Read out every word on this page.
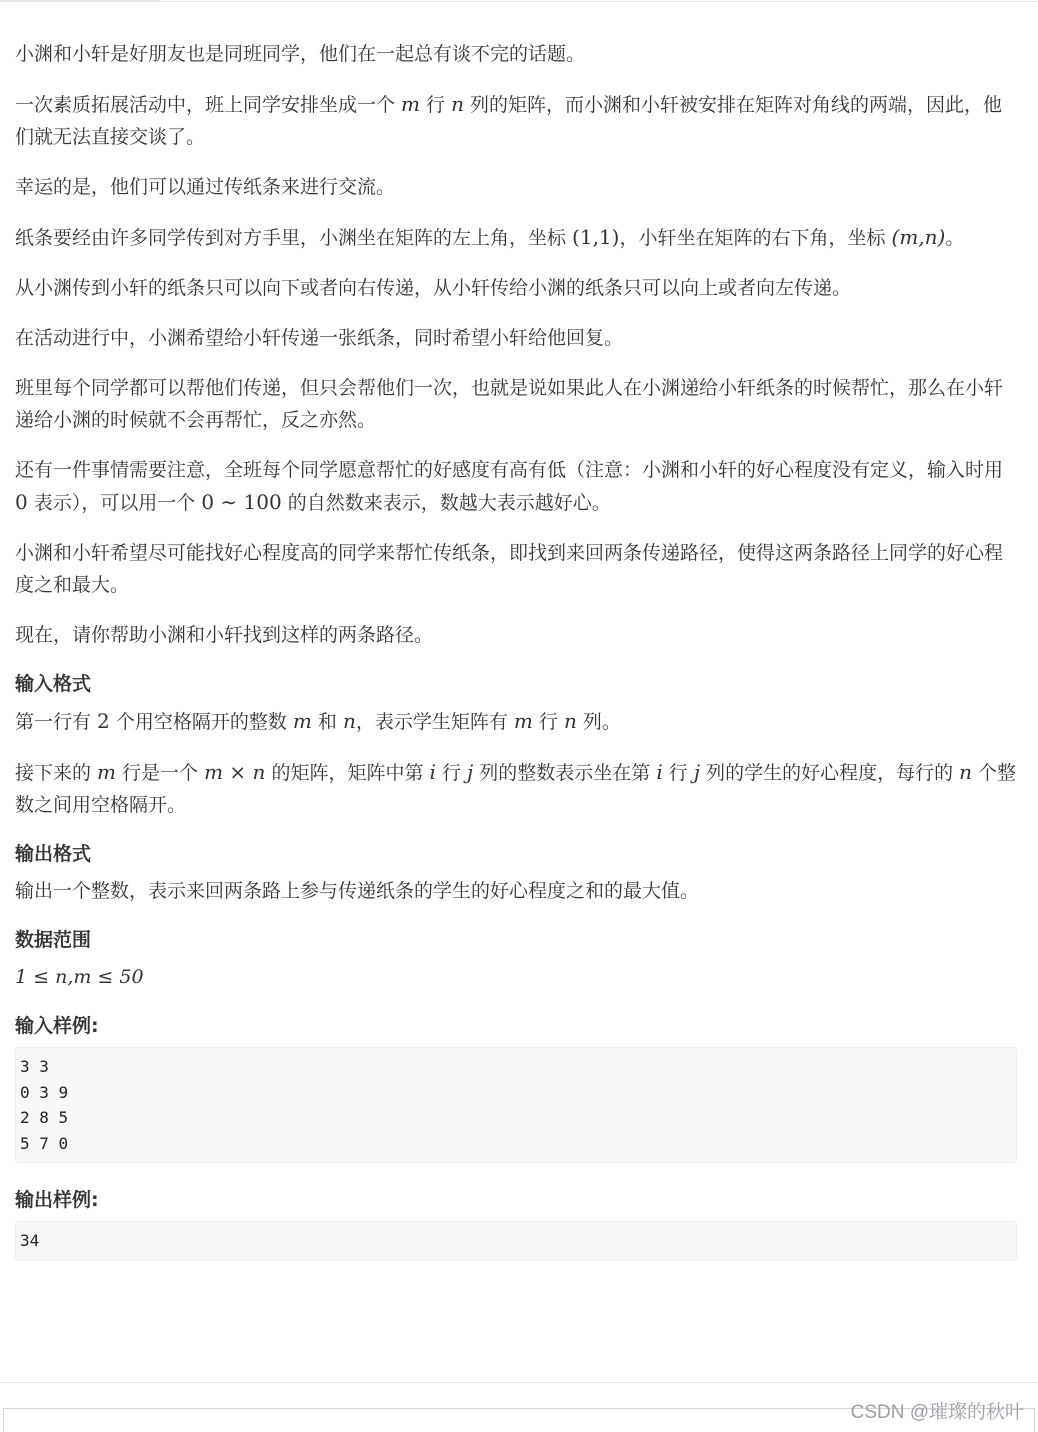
小渊和小轩是好朋友也是同班同学，他们在一起总有谈不完的话题。

一次素质拓展活动中，班上同学安排坐成一个 m 行 n 列的矩阵，而小渊和小轩被安排在矩阵对角线的两端，因此，他们就无法直接交谈了。

幸运的是，他们可以通过传纸条来进行交流。

纸条要经由许多同学传到对方手里，小渊坐在矩阵的左上角，坐标 (1,1)，小轩坐在矩阵的右下角，坐标 (m,n)。

从小渊传到小轩的纸条只可以向下或者向右传递，从小轩传给小渊的纸条只可以向上或者向左传递。

在活动进行中，小渊希望给小轩传递一张纸条，同时希望小轩给他回复。

班里每个同学都可以帮他们传递，但只会帮他们一次，也就是说如果此人在小渊递给小轩纸条的时候帮忙，那么在小轩递给小渊的时候就不会再帮忙，反之亦然。

还有一件事情需要注意，全班每个同学愿意帮忙的好感度有高有低（注意：小渊和小轩的好心程度没有定义，输入时用 0 表示），可以用一个 0 ∼ 100 的自然数来表示，数越大表示越好心。

小渊和小轩希望尽可能找好心程度高的同学来帮忙传纸条，即找到来回两条传递路径，使得这两条路径上同学的好心程度之和最大。

现在，请你帮助小渊和小轩找到这样的两条路径。

输入格式

第一行有 2 个用空格隔开的整数 m 和 n，表示学生矩阵有 m 行 n 列。

接下来的 m 行是一个 m × n 的矩阵，矩阵中第 i 行 j 列的整数表示坐在第 i 行 j 列的学生的好心程度，每行的 n 个整数之间用空格隔开。

输出格式

输出一个整数，表示来回两条路上参与传递纸条的学生的好心程度之和的最大值。

数据范围

1 ≤ n,m ≤ 50

输入样例:
3 3
0 3 9
2 8 5
5 7 0
输出样例:
34
CSDN @璀璨的秋叶
